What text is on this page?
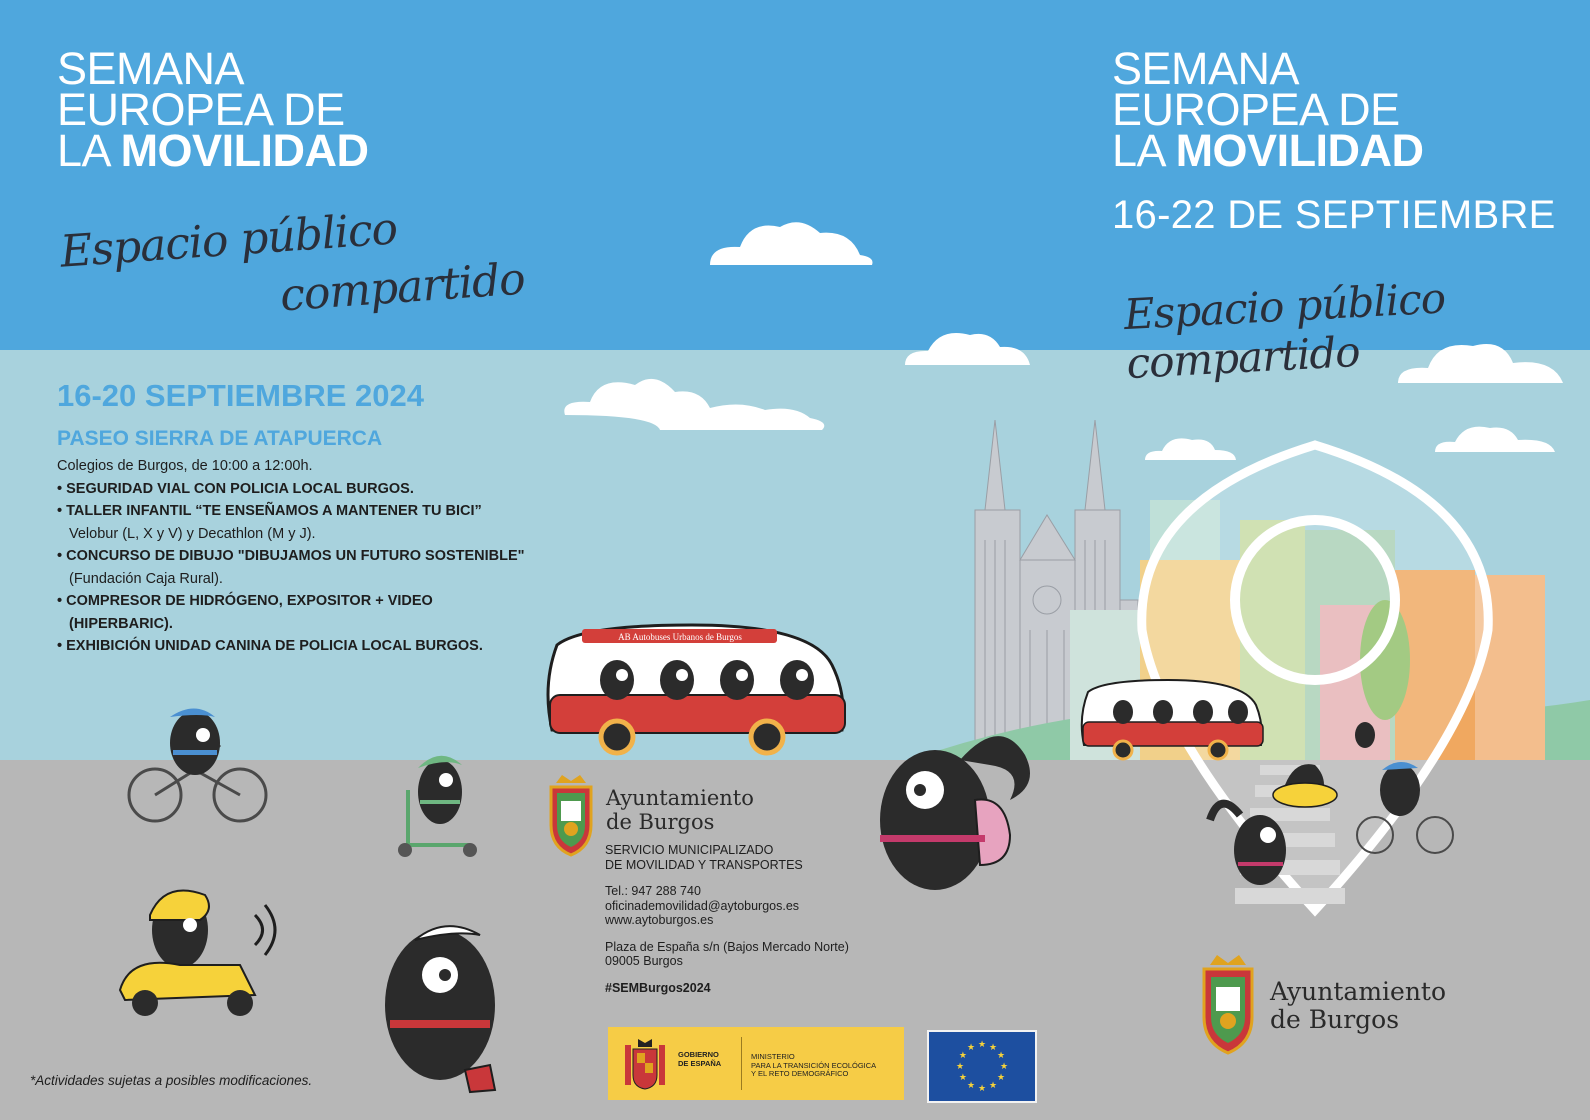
SEMANA
EUROPEA DE
LA MOVILIDAD
SEMANA
EUROPEA DE
LA MOVILIDAD
16-22 DE SEPTIEMBRE
Espacio público
compartido	Espacio público compartido
16-20 SEPTIEMBRE 2024
PASEO SIERRA DE ATAPUERCA
Colegios de Burgos, de 10:00 a 12:00h.
• SEGURIDAD VIAL CON POLICIA LOCAL BURGOS.
• TALLER INFANTIL “TE ENSEÑAMOS A MANTENER TU BICI”
Velobur (L, X y V) y Decathlon (M y J).
• CONCURSO DE DIBUJO "DIBUJAMOS UN FUTURO SOSTENIBLE" (Fundación Caja Rural).
• COMPRESOR DE HIDRÓGENO, EXPOSITOR + VIDEO (HIPERBARIC).
• EXHIBICIÓN UNIDAD CANINA DE POLICIA LOCAL BURGOS.
AB Autobuses Urbanos de Burgos
Ayuntamiento
de Burgos
SERVICIO MUNICIPALIZADO
DE MOVILIDAD Y TRANSPORTES
Tel.: 947 288 740
oficinademovilidad@aytoburgos.es
www.aytoburgos.es
Plaza de España s/n (Bajos Mercado Norte)
09005 Burgos
#SEMBurgos2024
GOBIERNO
DE ESPAÑA
MINISTERIO
PARA LA TRANSICIÓN ECOLÓGICA
Y EL RETO DEMOGRÁFICO
★ ★
★
★
★
★
★
★
★
★
★
★
Ayuntamiento
de Burgos
*Actividades sujetas a posibles modificaciones.
